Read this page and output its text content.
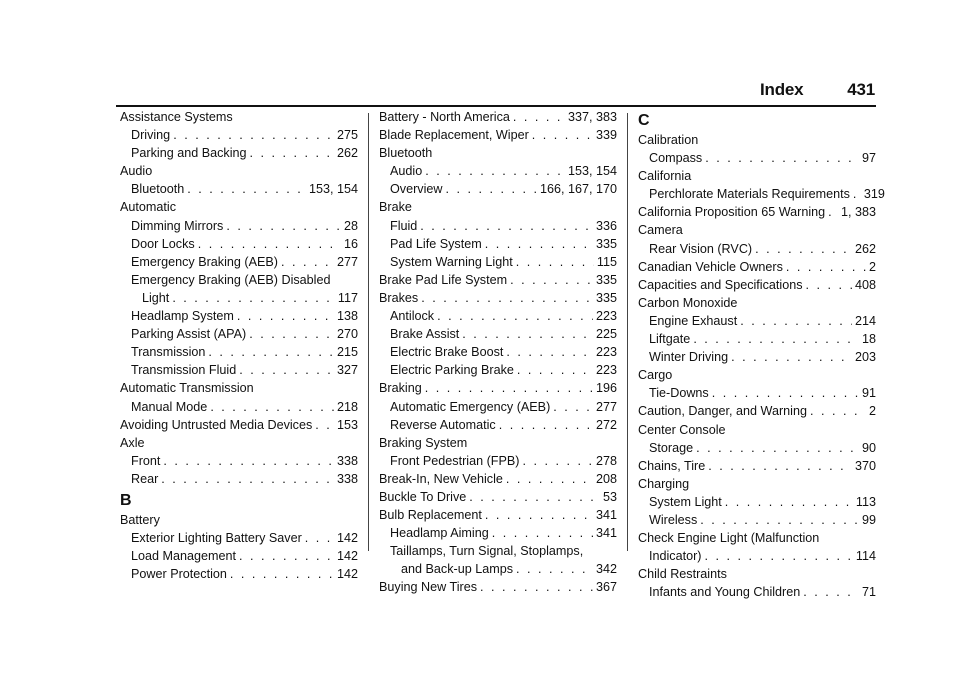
Index	431
Assistance Systems
Driving . . .	275
Parking and Backing . . .	262
Audio
Bluetooth . . .	153, 154
Automatic
Dimming Mirrors . . .	28
Door Locks . . .	16
Emergency Braking (AEB) . . .	277
Emergency Braking (AEB) Disabled
Light . . .	117
Headlamp System . . .	138
Parking Assist (APA) . . .	270
Transmission . . .	215
Transmission Fluid . . .	327
Automatic Transmission
Manual Mode . . .	218
Avoiding Untrusted Media Devices . . . 153
Axle
Front . . .	338
Rear . . .	338
B
Battery
Exterior Lighting Battery Saver . . .	142
Load Management . . .	142
Power Protection . . .	142
Battery - North America . . .	337, 383
Blade Replacement, Wiper . . .	339
Bluetooth
Audio . . .	153, 154
Overview . . .	166, 167, 170
Brake
Fluid . . .	336
Pad Life System . . .	335
System Warning Light . . .	115
Brake Pad Life System . . .	335
Brakes . . .	335
Antilock . . .	223
Brake Assist . . .	225
Electric Brake Boost . . .	223
Electric Parking Brake . . .	223
Braking . . .	196
Automatic Emergency (AEB) . . .	277
Reverse Automatic . . .	272
Braking System
Front Pedestrian (FPB) . . .	278
Break-In, New Vehicle . . .	208
Buckle To Drive . . .	53
Bulb Replacement . . .	341
Headlamp Aiming . . .	341
Taillamps, Turn Signal, Stoplamps,
and Back-up Lamps . . .	342
Buying New Tires . . .	367
C
Calibration
Compass . . .	97
California
Perchlorate Materials Requirements . . . 319
California Proposition 65 Warning . . . 1, 383
Camera
Rear Vision (RVC) . . .	262
Canadian Vehicle Owners . . .	2
Capacities and Specifications . . .	408
Carbon Monoxide
Engine Exhaust . . .	214
Liftgate . . .	18
Winter Driving . . .	203
Cargo
Tie-Downs . . .	91
Caution, Danger, and Warning . . .	2
Center Console
Storage . . .	90
Chains, Tire . . .	370
Charging
System Light . . .	113
Wireless . . .	99
Check Engine Light (Malfunction
Indicator) . . .	114
Child Restraints
Infants and Young Children . . .	71
